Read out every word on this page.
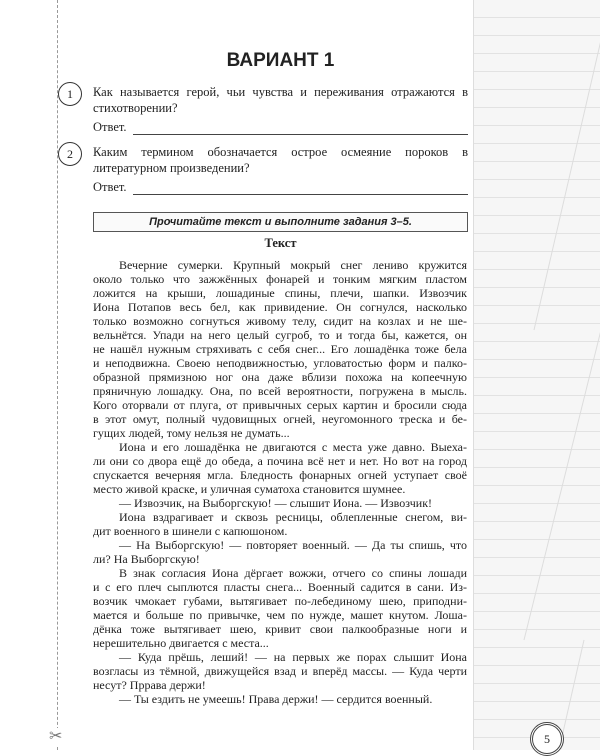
✂
ВАРИАНТ 1
1	Как называется герой, чьи чувства и переживания отражаются в стихотворении?
Ответ.
2	Каким термином обозначается острое осмеяние пороков в литературном произведении?
Ответ.
Прочитайте текст и выполните задания 3–5.
Текст
Вечерние сумерки. Крупный мокрый снег лениво кружится
около только что зажжённых фонарей и тонким мягким пластом
ложится на крыши, лошадиные спины, плечи, шапки. Извозчик
Иона Потапов весь бел, как привидение. Он согнулся, насколько
только возможно согнуться живому телу, сидит на козлах и не ше-
вельнётся. Упади на него целый сугроб, то и тогда бы, кажется, он
не нашёл нужным стряхивать с себя снег... Его лошадёнка тоже бела
и неподвижна. Своею неподвижностью, угловатостью форм и палко-
образной прямизною ног она даже вблизи похожа на копеечную
пряничную лошадку. Она, по всей вероятности, погружена в мысль.
Кого оторвали от плуга, от привычных серых картин и бросили сюда
в этот омут, полный чудовищных огней, неугомонного треска и бе-
гущих людей, тому нельзя не думать...
Иона и его лошадёнка не двигаются с места уже давно. Выеха-
ли они со двора ещё до обеда, а почина всё нет и нет. Но вот на город
спускается вечерняя мгла. Бледность фонарных огней уступает своё
место живой краске, и уличная суматоха становится шумнее.
— Извозчик, на Выборгскую! — слышит Иона. — Извозчик!
Иона вздрагивает и сквозь ресницы, облепленные снегом, ви-
дит военного в шинели с капюшоном.
— На Выборгскую! — повторяет военный. — Да ты спишь, что
ли? На Выборгскую!
В знак согласия Иона дёргает вожжи, отчего со спины лошади
и с его плеч сыплются пласты снега... Военный садится в сани. Из-
возчик чмокает губами, вытягивает по-лебединому шею, приподни-
мается и больше по привычке, чем по нужде, машет кнутом. Лоша-
дёнка тоже вытягивает шею, кривит свои палкообразные ноги и
нерешительно двигается с места...
— Куда прёшь, леший! — на первых же порах слышит Иона
возгласы из тёмной, движущейся взад и вперёд массы. — Куда черти
несут? Пррава держи!
— Ты ездить не умеешь! Права держи! — сердится военный.
5
